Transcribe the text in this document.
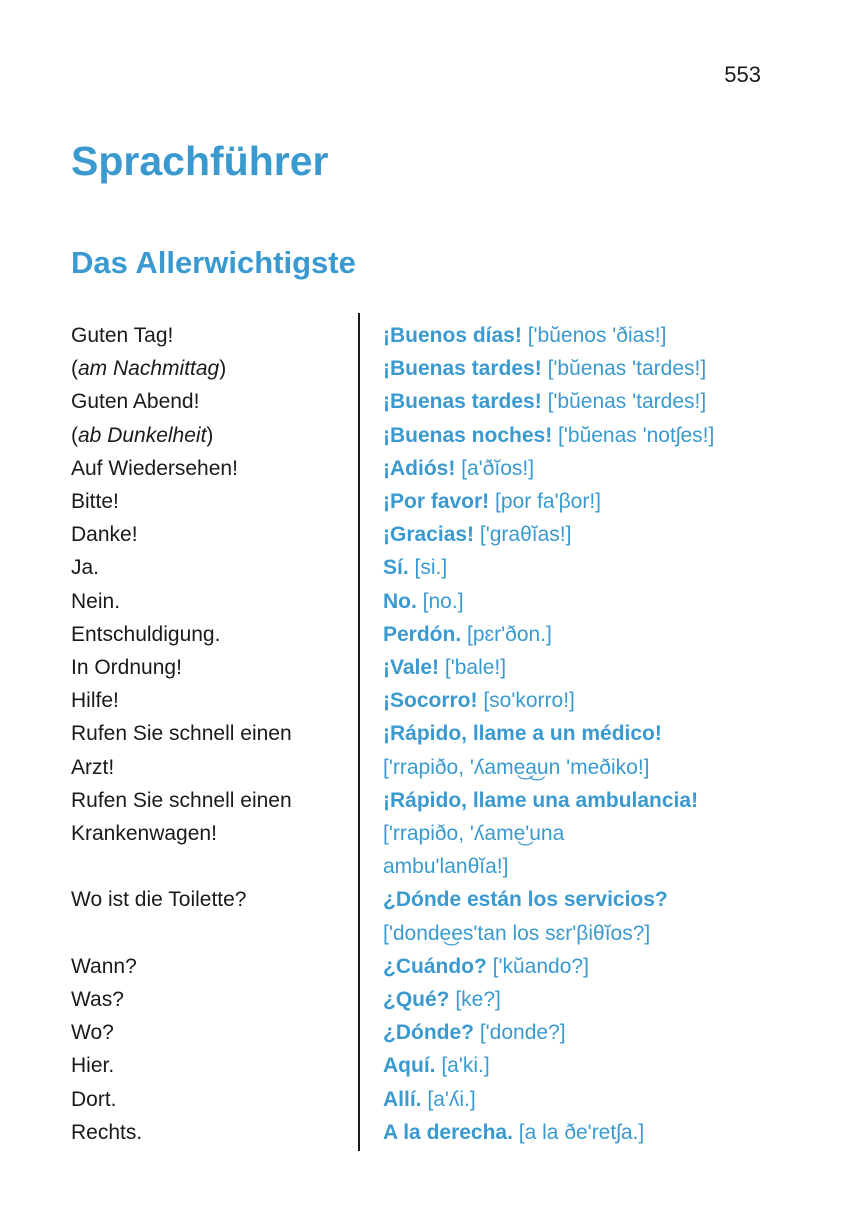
553
Sprachführer
Das Allerwichtigste
Guten Tag!	¡Buenos días! ['bŭenos 'ðias!]
(am Nachmittag)	¡Buenas tardes! ['bŭenas 'tardes!]
Guten Abend!	¡Buenas tardes! ['bŭenas 'tardes!]
(ab Dunkelheit)	¡Buenas noches! ['bŭenas 'notʃes!]
Auf Wiedersehen!	¡Adiós! [a'ðĭos!]
Bitte!	¡Por favor! [por fa'βor!]
Danke!	¡Gracias! ['graθĭas!]
Ja.	Sí. [si.]
Nein.	No. [no.]
Entschuldigung.	Perdón. [pɛr'ðon.]
In Ordnung!	¡Vale! ['bale!]
Hilfe!	¡Socorro! [so'korro!]
Rufen Sie schnell einen	¡Rápido, llame a un médico!
Arzt!	['rrapiðo, 'ʎame͜a͜un 'meðiko!]
Rufen Sie schnell einen	¡Rápido, llame una ambulancia!
Krankenwagen!	['rrapiðo, 'ʎame͜'una

ambu'lanθĭa!]
Wo ist die Toilette?	¿Dónde están los servicios?

['donde͜es'tan los sɛr'βiθĭos?]
Wann?	¿Cuándo? ['kŭando?]
Was?	¿Qué? [ke?]
Wo?	¿Dónde? ['donde?]
Hier.	Aquí. [a'ki.]
Dort.	Allí. [a'ʎi.]
Rechts.	A la derecha. [a la ðe'retʃa.]
